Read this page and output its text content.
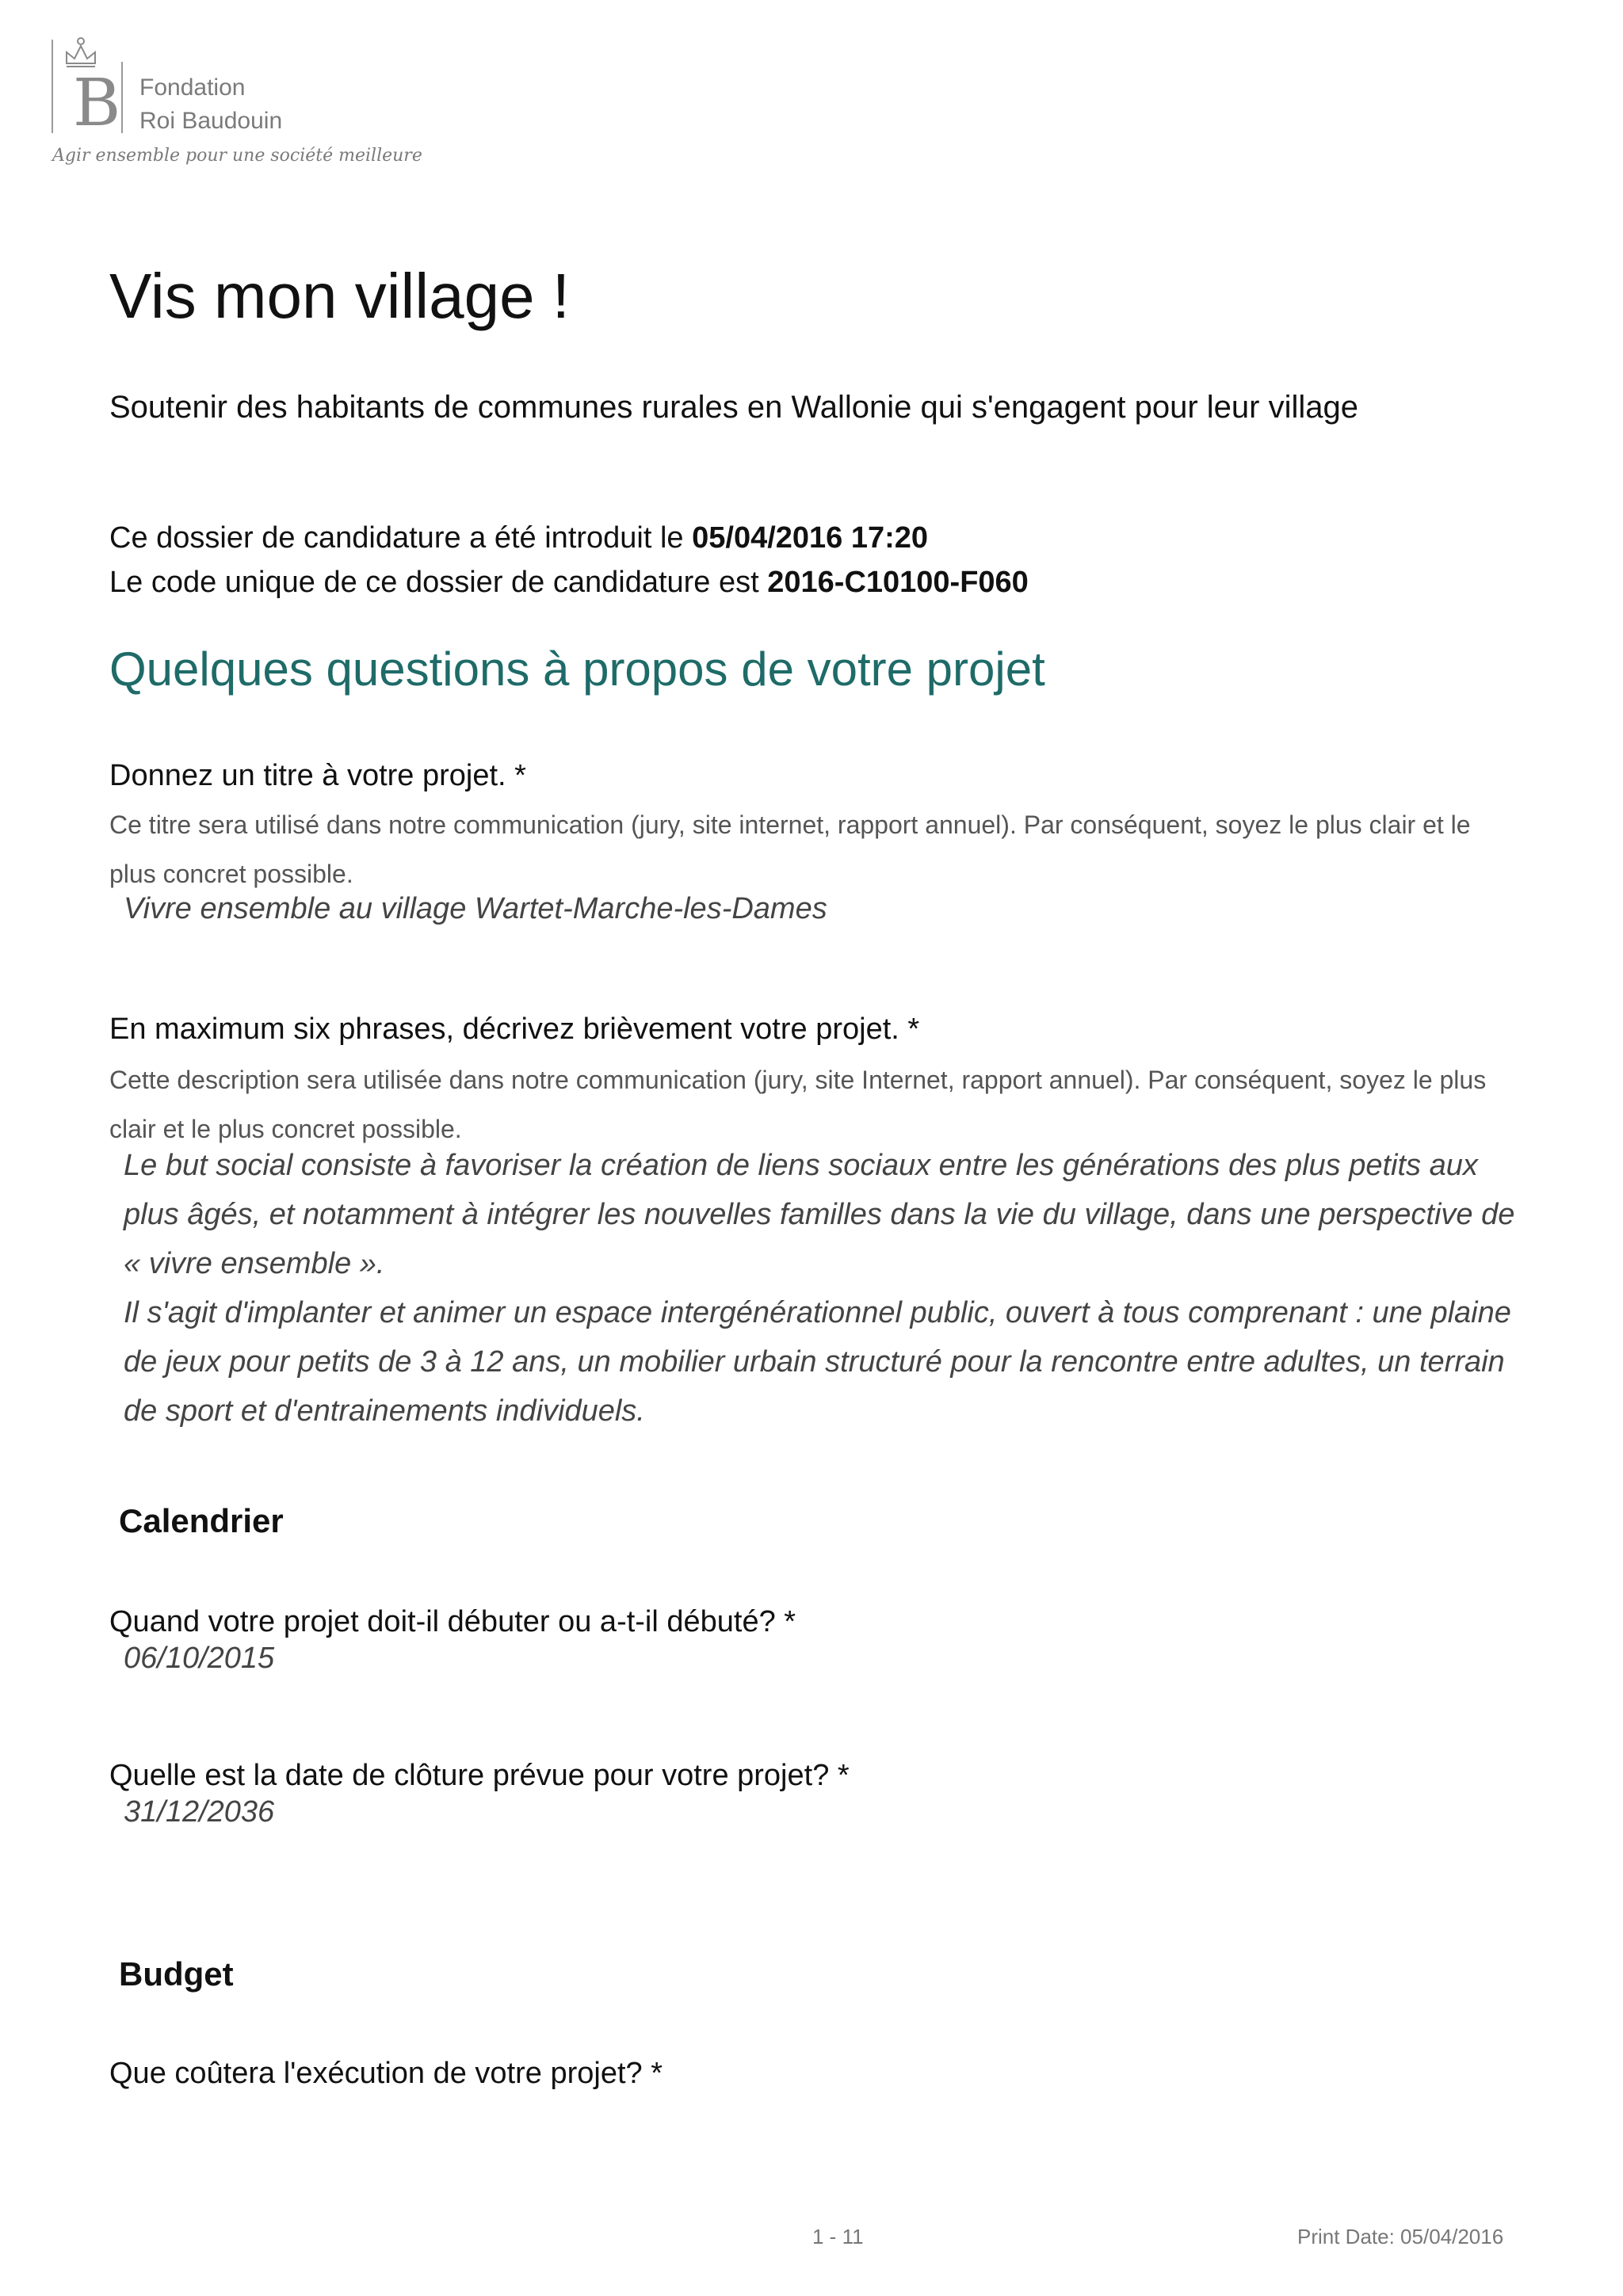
B Fondation
Roi Baudouin
Agir ensemble pour une société meilleure
Vis mon village !
Soutenir des habitants de communes rurales en Wallonie qui s'engagent pour leur village
Ce dossier de candidature a été introduit le 05/04/2016 17:20
Le code unique de ce dossier de candidature est 2016-C10100-F060
Quelques questions à propos de votre projet
Donnez un titre à votre projet. *
Ce titre sera utilisé dans notre communication (jury, site internet, rapport annuel). Par conséquent, soyez le plus clair et le plus concret possible.
Vivre ensemble au village Wartet-Marche-les-Dames
En maximum six phrases, décrivez brièvement votre projet. *
Cette description sera utilisée dans notre communication (jury, site Internet, rapport annuel). Par conséquent, soyez le plus clair et le plus concret possible.
Le but social consiste à favoriser la création de liens sociaux entre les générations des plus petits aux plus âgés, et notamment à intégrer les nouvelles familles dans la vie du village, dans une perspective de « vivre ensemble ».
Il s'agit d'implanter et animer un espace intergénérationnel public, ouvert à tous comprenant : une plaine de jeux pour petits de 3 à 12 ans, un mobilier urbain structuré pour la rencontre entre adultes, un terrain de sport et d'entrainements individuels.
Calendrier
Quand votre projet doit-il débuter ou a-t-il débuté? *
06/10/2015
Quelle est la date de clôture prévue pour votre projet? *
31/12/2036
Budget
Que coûtera l'exécution de votre projet? *
1 - 11	Print Date: 05/04/2016
